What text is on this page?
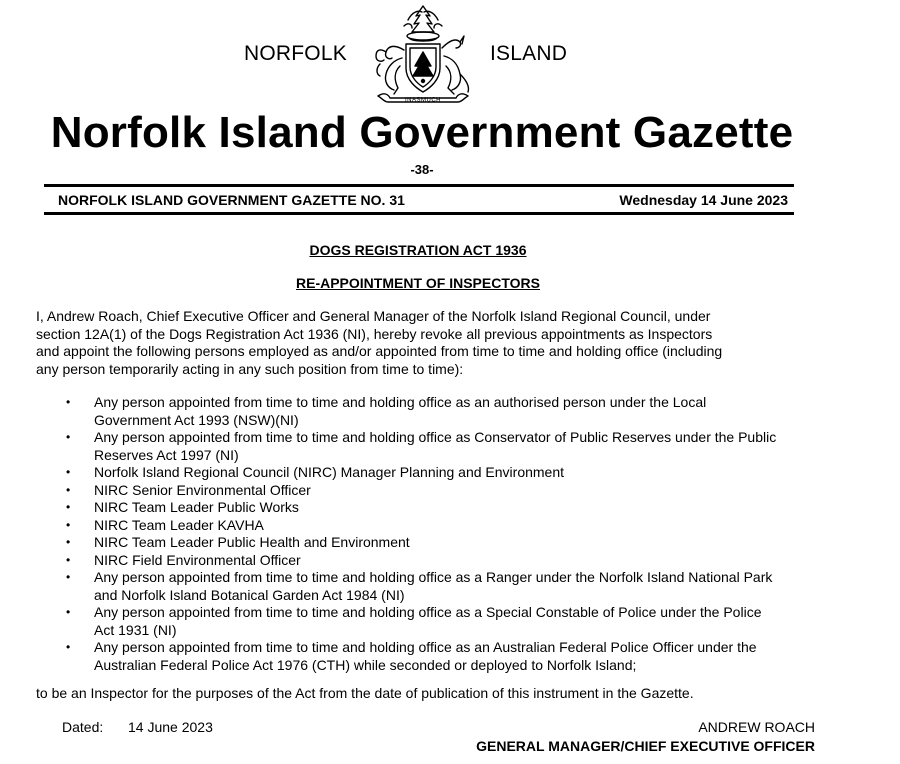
NORFOLK
INASMUCH
ISLAND
Norfolk Island Government Gazette
-38-
NORFOLK ISLAND GOVERNMENT GAZETTE NO. 31	Wednesday 14 June 2023
DOGS REGISTRATION ACT 1936
RE-APPOINTMENT OF INSPECTORS
I, Andrew Roach, Chief Executive Officer and General Manager of the Norfolk Island Regional Council, under
section 12A(1) of the Dogs Registration Act 1936 (NI), hereby revoke all previous appointments as Inspectors
and appoint the following persons employed as and/or appointed from time to time and holding office (including
any person temporarily acting in any such position from time to time):
• Any person appointed from time to time and holding office as an authorised person under the Local
Government Act 1993 (NSW)(NI)
• Any person appointed from time to time and holding office as Conservator of Public Reserves under the Public
Reserves Act 1997 (NI)
• Norfolk Island Regional Council (NIRC) Manager Planning and Environment
• NIRC Senior Environmental Officer
• NIRC Team Leader Public Works
• NIRC Team Leader KAVHA
• NIRC Team Leader Public Health and Environment
• NIRC Field Environmental Officer
• Any person appointed from time to time and holding office as a Ranger under the Norfolk Island National Park
and Norfolk Island Botanical Garden Act 1984 (NI)
• Any person appointed from time to time and holding office as a Special Constable of Police under the Police
Act 1931 (NI)
• Any person appointed from time to time and holding office as an Australian Federal Police Officer under the
Australian Federal Police Act 1976 (CTH) while seconded or deployed to Norfolk Island;
to be an Inspector for the purposes of the Act from the date of publication of this instrument in the Gazette.
Dated: 14 June 2023	ANDREW ROACH
GENERAL MANAGER/CHIEF EXECUTIVE OFFICER
